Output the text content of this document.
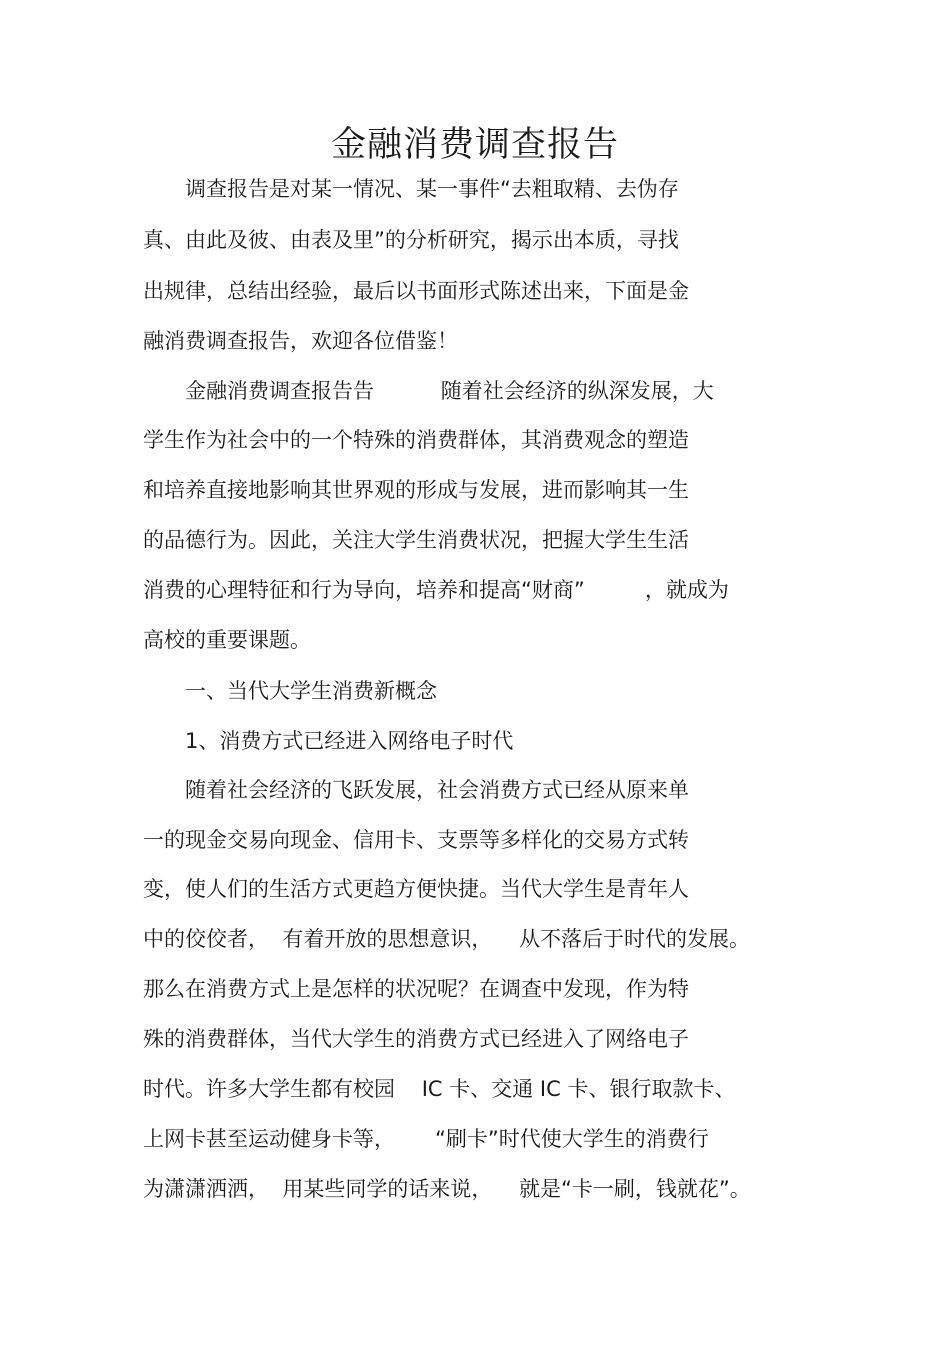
金融消费调查报告

　　调查报告是对某一情况、某一事件“去粗取精、去伪存

真、由此及彼、由表及里”的分析研究，揭示出本质，寻找

出规律，总结出经验，最后以书面形式陈述出来，下面是金

融消费调查报告，欢迎各位借鉴！

　　金融消费调查报告告          随着社会经济的纵深发展，大

学生作为社会中的一个特殊的消费群体，其消费观念的塑造

和培养直接地影响其世界观的形成与发展，进而影响其一生

的品德行为。因此，关注大学生消费状况，把握大学生生活

消费的心理特征和行为导向，培养和提高“财商”         ，就成为

高校的重要课题。

　　一、当代大学生消费新概念

　　1、消费方式已经进入网络电子时代

　　随着社会经济的飞跃发展，社会消费方式已经从原来单

一的现金交易向现金、信用卡、支票等多样化的交易方式转

变，使人们的生活方式更趋方便快捷。当代大学生是青年人

中的佼佼者，  有着开放的思想意识，    从不落后于时代的发展。

那么在消费方式上是怎样的状况呢？在调查中发现，作为特

殊的消费群体，当代大学生的消费方式已经进入了网络电子

时代。许多大学生都有校园    IC 卡、交通 IC 卡、银行取款卡、

上网卡甚至运动健身卡等，      “刷卡”时代使大学生的消费行

为潇潇洒洒，  用某些同学的话来说，    就是“卡一刷，钱就花”。
